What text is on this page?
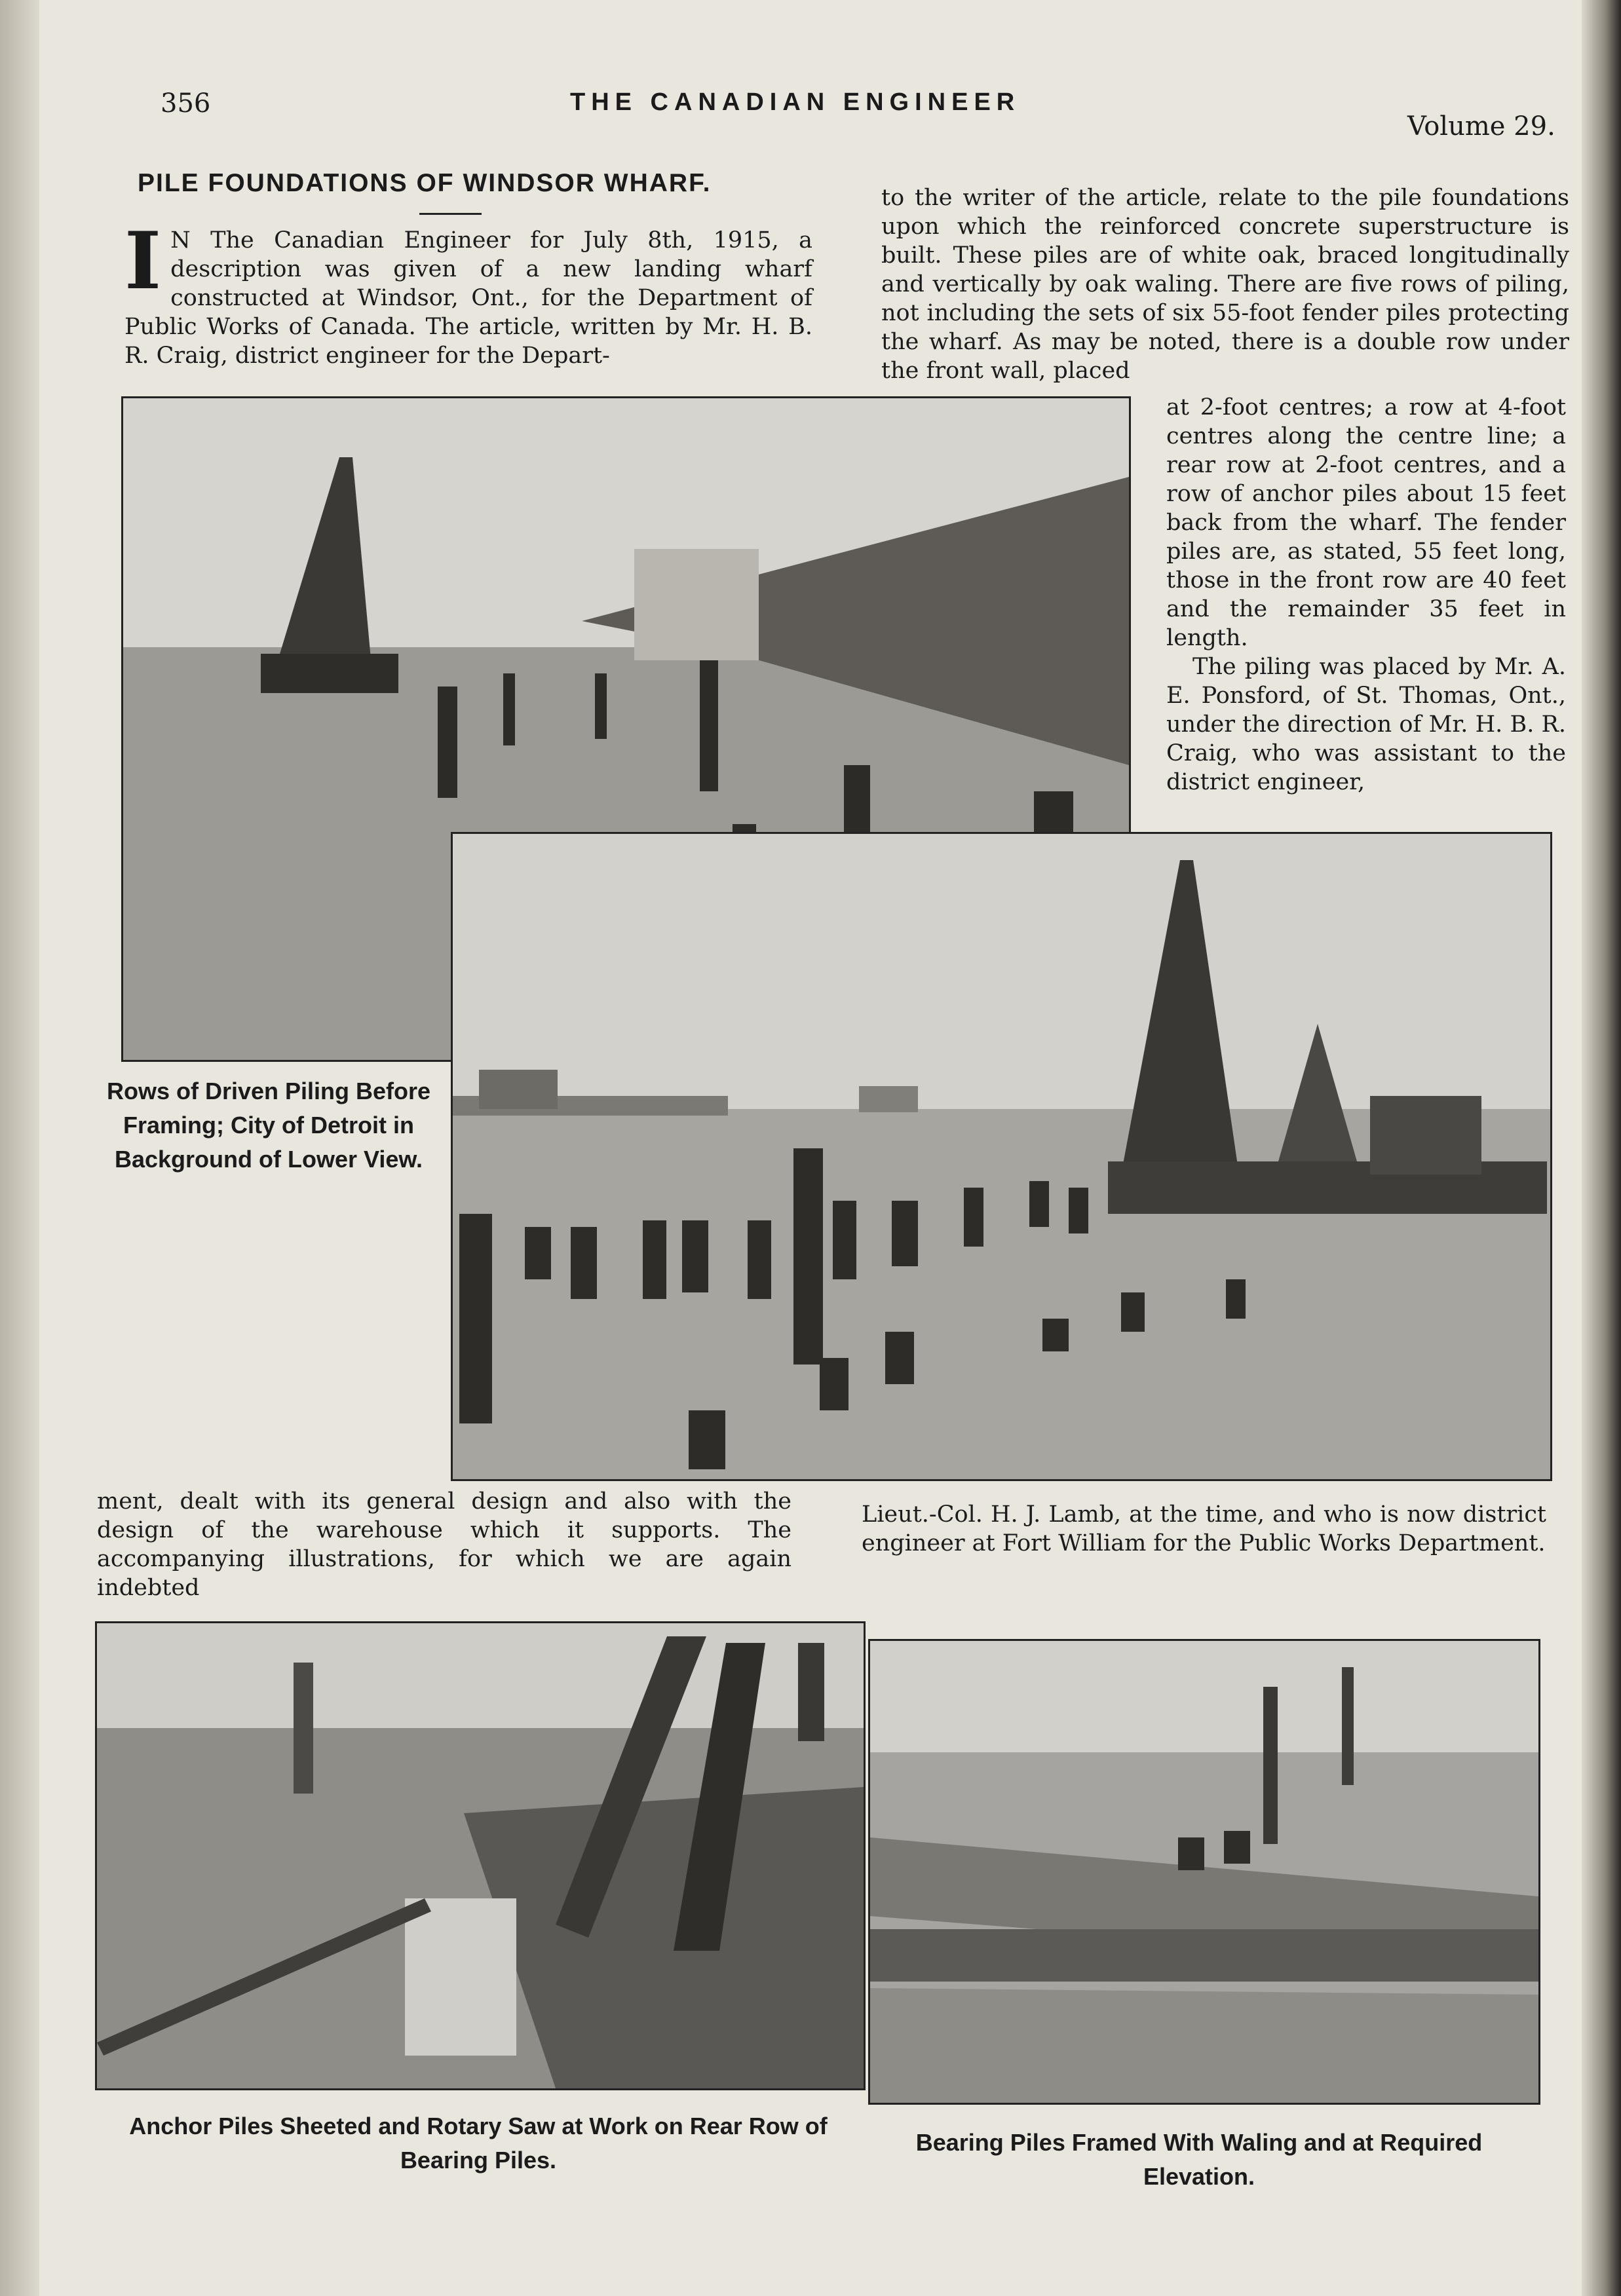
356	THE CANADIAN ENGINEER
Volume 29.
PILE FOUNDATIONS OF WINDSOR WHARF.
I N The Canadian Engineer for July 8th, 1915, a description was given of a new landing wharf constructed at Windsor, Ont., for the Department of Public Works of Canada. The article, written by Mr. H. B. R. Craig, district engineer for the Depart-
to the writer of the article, relate to the pile foundations upon which the reinforced concrete superstructure is built. These piles are of white oak, braced longitudinally and vertically by oak waling. There are five rows of piling, not including the sets of six 55-foot fender piles protecting the wharf. As may be noted, there is a double row under the front wall, placed

at 2-foot centres; a row at 4-foot centres along the centre line; a rear row at 2-foot centres, and a row of anchor piles about 15 feet back from the wharf. The fender piles are, as stated, 55 feet long, those in the front row are 40 feet and the remainder 35 feet in length.

The piling was placed by Mr. A. E. Ponsford, of St. Thomas, Ont., under the direction of Mr. H. B. R. Craig, who was assistant to the district engineer,

Rows of Driven Piling Before Framing; City of Detroit in Background of Lower View.
ment, dealt with its general design and also with the design of the warehouse which it supports. The accompanying illustrations, for which we are again indebted
Lieut.-Col. H. J. Lamb, at the time, and who is now district engineer at Fort William for the Public Works Department.
Anchor Piles Sheeted and Rotary Saw at Work on Rear Row of Bearing Piles.
Bearing Piles Framed With Waling and at Required Elevation.
